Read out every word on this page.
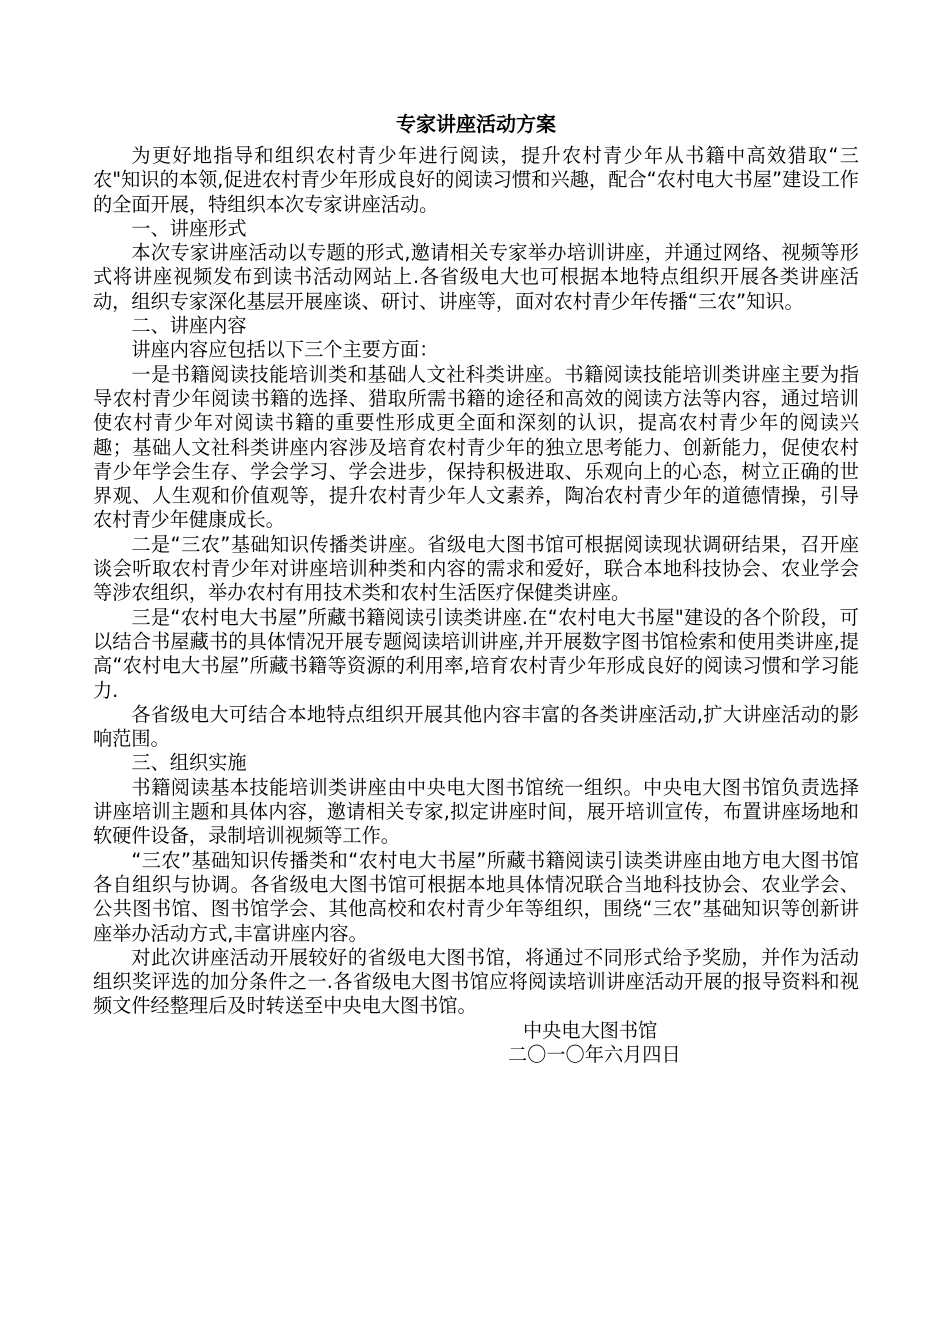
专家讲座活动方案

为更好地指导和组织农村青少年进行阅读，提升农村青少年从书籍中高效猎取“三农"知识的本领,促进农村青少年形成良好的阅读习惯和兴趣，配合“农村电大书屋”建设工作的全面开展，特组织本次专家讲座活动。

一、讲座形式

本次专家讲座活动以专题的形式,邀请相关专家举办培训讲座，并通过网络、视频等形式将讲座视频发布到读书活动网站上.各省级电大也可根据本地特点组织开展各类讲座活动，组织专家深化基层开展座谈、研讨、讲座等，面对农村青少年传播“三农”知识。

二、讲座内容

讲座内容应包括以下三个主要方面：

一是书籍阅读技能培训类和基础人文社科类讲座。书籍阅读技能培训类讲座主要为指导农村青少年阅读书籍的选择、猎取所需书籍的途径和高效的阅读方法等内容，通过培训使农村青少年对阅读书籍的重要性形成更全面和深刻的认识，提高农村青少年的阅读兴趣；基础人文社科类讲座内容涉及培育农村青少年的独立思考能力、创新能力，促使农村青少年学会生存、学会学习、学会进步，保持积极进取、乐观向上的心态，树立正确的世界观、人生观和价值观等，提升农村青少年人文素养，陶冶农村青少年的道德情操，引导农村青少年健康成长。

二是“三农”基础知识传播类讲座。省级电大图书馆可根据阅读现状调研结果，召开座谈会听取农村青少年对讲座培训种类和内容的需求和爱好，联合本地科技协会、农业学会等涉农组织，举办农村有用技术类和农村生活医疗保健类讲座。

三是“农村电大书屋”所藏书籍阅读引读类讲座.在“农村电大书屋"建设的各个阶段，可以结合书屋藏书的具体情况开展专题阅读培训讲座,并开展数字图书馆检索和使用类讲座,提高“农村电大书屋”所藏书籍等资源的利用率,培育农村青少年形成良好的阅读习惯和学习能力.

各省级电大可结合本地特点组织开展其他内容丰富的各类讲座活动,扩大讲座活动的影响范围。

三、组织实施

书籍阅读基本技能培训类讲座由中央电大图书馆统一组织。中央电大图书馆负责选择讲座培训主题和具体内容，邀请相关专家,拟定讲座时间，展开培训宣传，布置讲座场地和软硬件设备，录制培训视频等工作。

“三农”基础知识传播类和“农村电大书屋”所藏书籍阅读引读类讲座由地方电大图书馆各自组织与协调。各省级电大图书馆可根据本地具体情况联合当地科技协会、农业学会、公共图书馆、图书馆学会、其他高校和农村青少年等组织，围绕“三农”基础知识等创新讲座举办活动方式,丰富讲座内容。

对此次讲座活动开展较好的省级电大图书馆，将通过不同形式给予奖励，并作为活动组织奖评选的加分条件之一.各省级电大图书馆应将阅读培训讲座活动开展的报导资料和视频文件经整理后及时转送至中央电大图书馆。

中央电大图书馆

二〇一〇年六月四日
